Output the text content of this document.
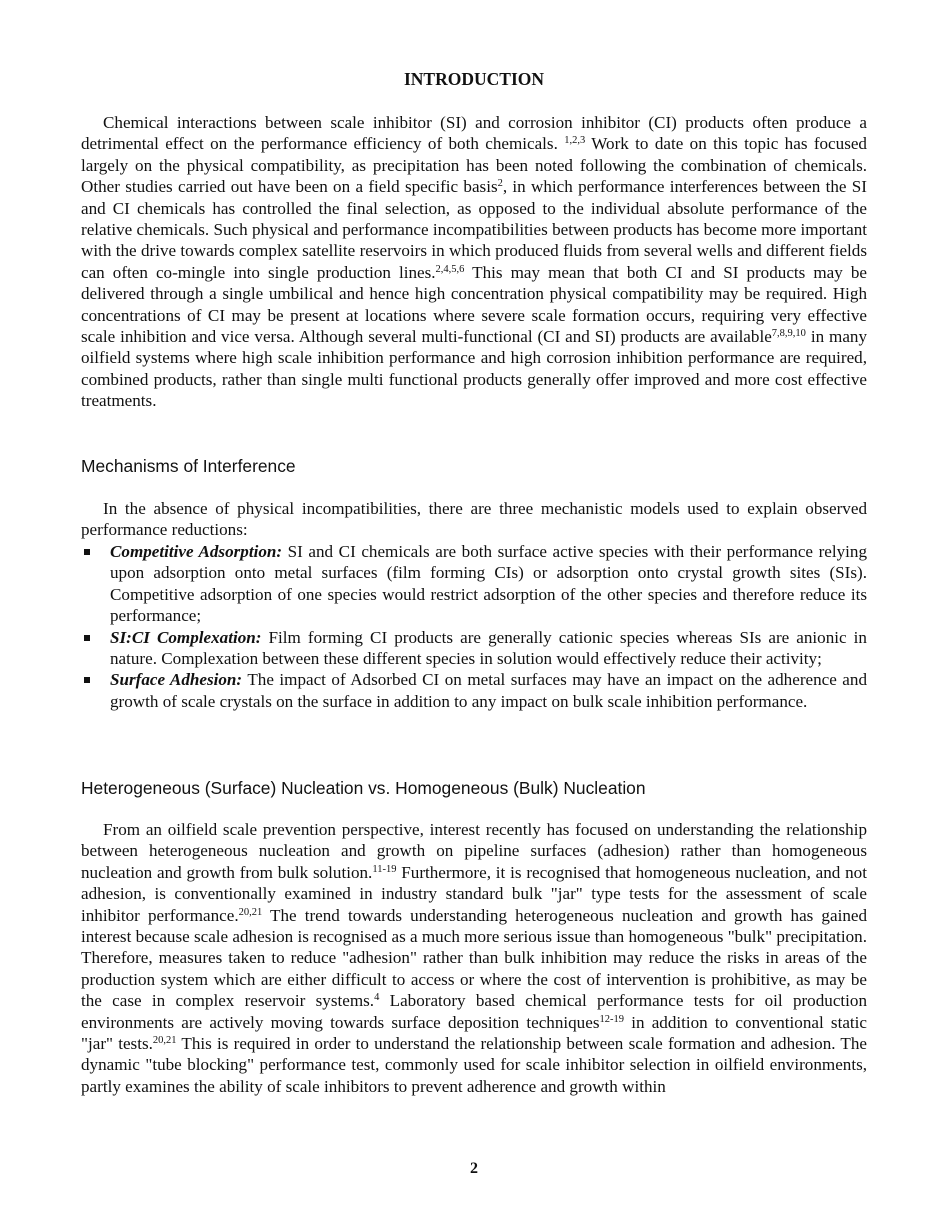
INTRODUCTION

Chemical interactions between scale inhibitor (SI) and corrosion inhibitor (CI) products often produce a detrimental effect on the performance efficiency of both chemicals. $^{1,2,3}$ Work to date on this topic has focused largely on the physical compatibility, as precipitation has been noted following the combination of chemicals. Other studies carried out have been on a field specific basis$^2$, in which performance interferences between the SI and CI chemicals has controlled the final selection, as opposed to the individual absolute performance of the relative chemicals. Such physical and performance incompatibilities between products has become more important with the drive towards complex satellite reservoirs in which produced fluids from several wells and different fields can often co-mingle into single production lines.$^{2,4,5,6}$ This may mean that both CI and SI products may be delivered through a single umbilical and hence high concentration physical compatibility may be required. High concentrations of CI may be present at locations where severe scale formation occurs, requiring very effective scale inhibition and vice versa. Although several multi-functional (CI and SI) products are available$^{7,8,9,10}$ in many oilfield systems where high scale inhibition performance and high corrosion inhibition performance are required, combined products, rather than single multi functional products generally offer improved and more cost effective treatments.

Mechanisms of Interference

In the absence of physical incompatibilities, there are three mechanistic models used to explain observed performance reductions:

Competitive Adsorption: SI and CI chemicals are both surface active species with their performance relying upon adsorption onto metal surfaces (film forming CIs) or adsorption onto crystal growth sites (SIs). Competitive adsorption of one species would restrict adsorption of the other species and therefore reduce its performance;
SI:CI Complexation: Film forming CI products are generally cationic species whereas SIs are anionic in nature. Complexation between these different species in solution would effectively reduce their activity;
Surface Adhesion: The impact of Adsorbed CI on metal surfaces may have an impact on the adherence and growth of scale crystals on the surface in addition to any impact on bulk scale inhibition performance.
Heterogeneous (Surface) Nucleation vs. Homogeneous (Bulk) Nucleation

From an oilfield scale prevention perspective, interest recently has focused on understanding the relationship between heterogeneous nucleation and growth on pipeline surfaces (adhesion) rather than homogeneous nucleation and growth from bulk solution.$^{11-19}$ Furthermore, it is recognised that homogeneous nucleation, and not adhesion, is conventionally examined in industry standard bulk "jar" type tests for the assessment of scale inhibitor performance.$^{20,21}$ The trend towards understanding heterogeneous nucleation and growth has gained interest because scale adhesion is recognised as a much more serious issue than homogeneous "bulk" precipitation. Therefore, measures taken to reduce "adhesion" rather than bulk inhibition may reduce the risks in areas of the production system which are either difficult to access or where the cost of intervention is prohibitive, as may be the case in complex reservoir systems.$^4$ Laboratory based chemical performance tests for oil production environments are actively moving towards surface deposition techniques$^{12-19}$ in addition to conventional static "jar" tests.$^{20,21}$ This is required in order to understand the relationship between scale formation and adhesion. The dynamic "tube blocking" performance test, commonly used for scale inhibitor selection in oilfield environments, partly examines the ability of scale inhibitors to prevent adherence and growth within

2
